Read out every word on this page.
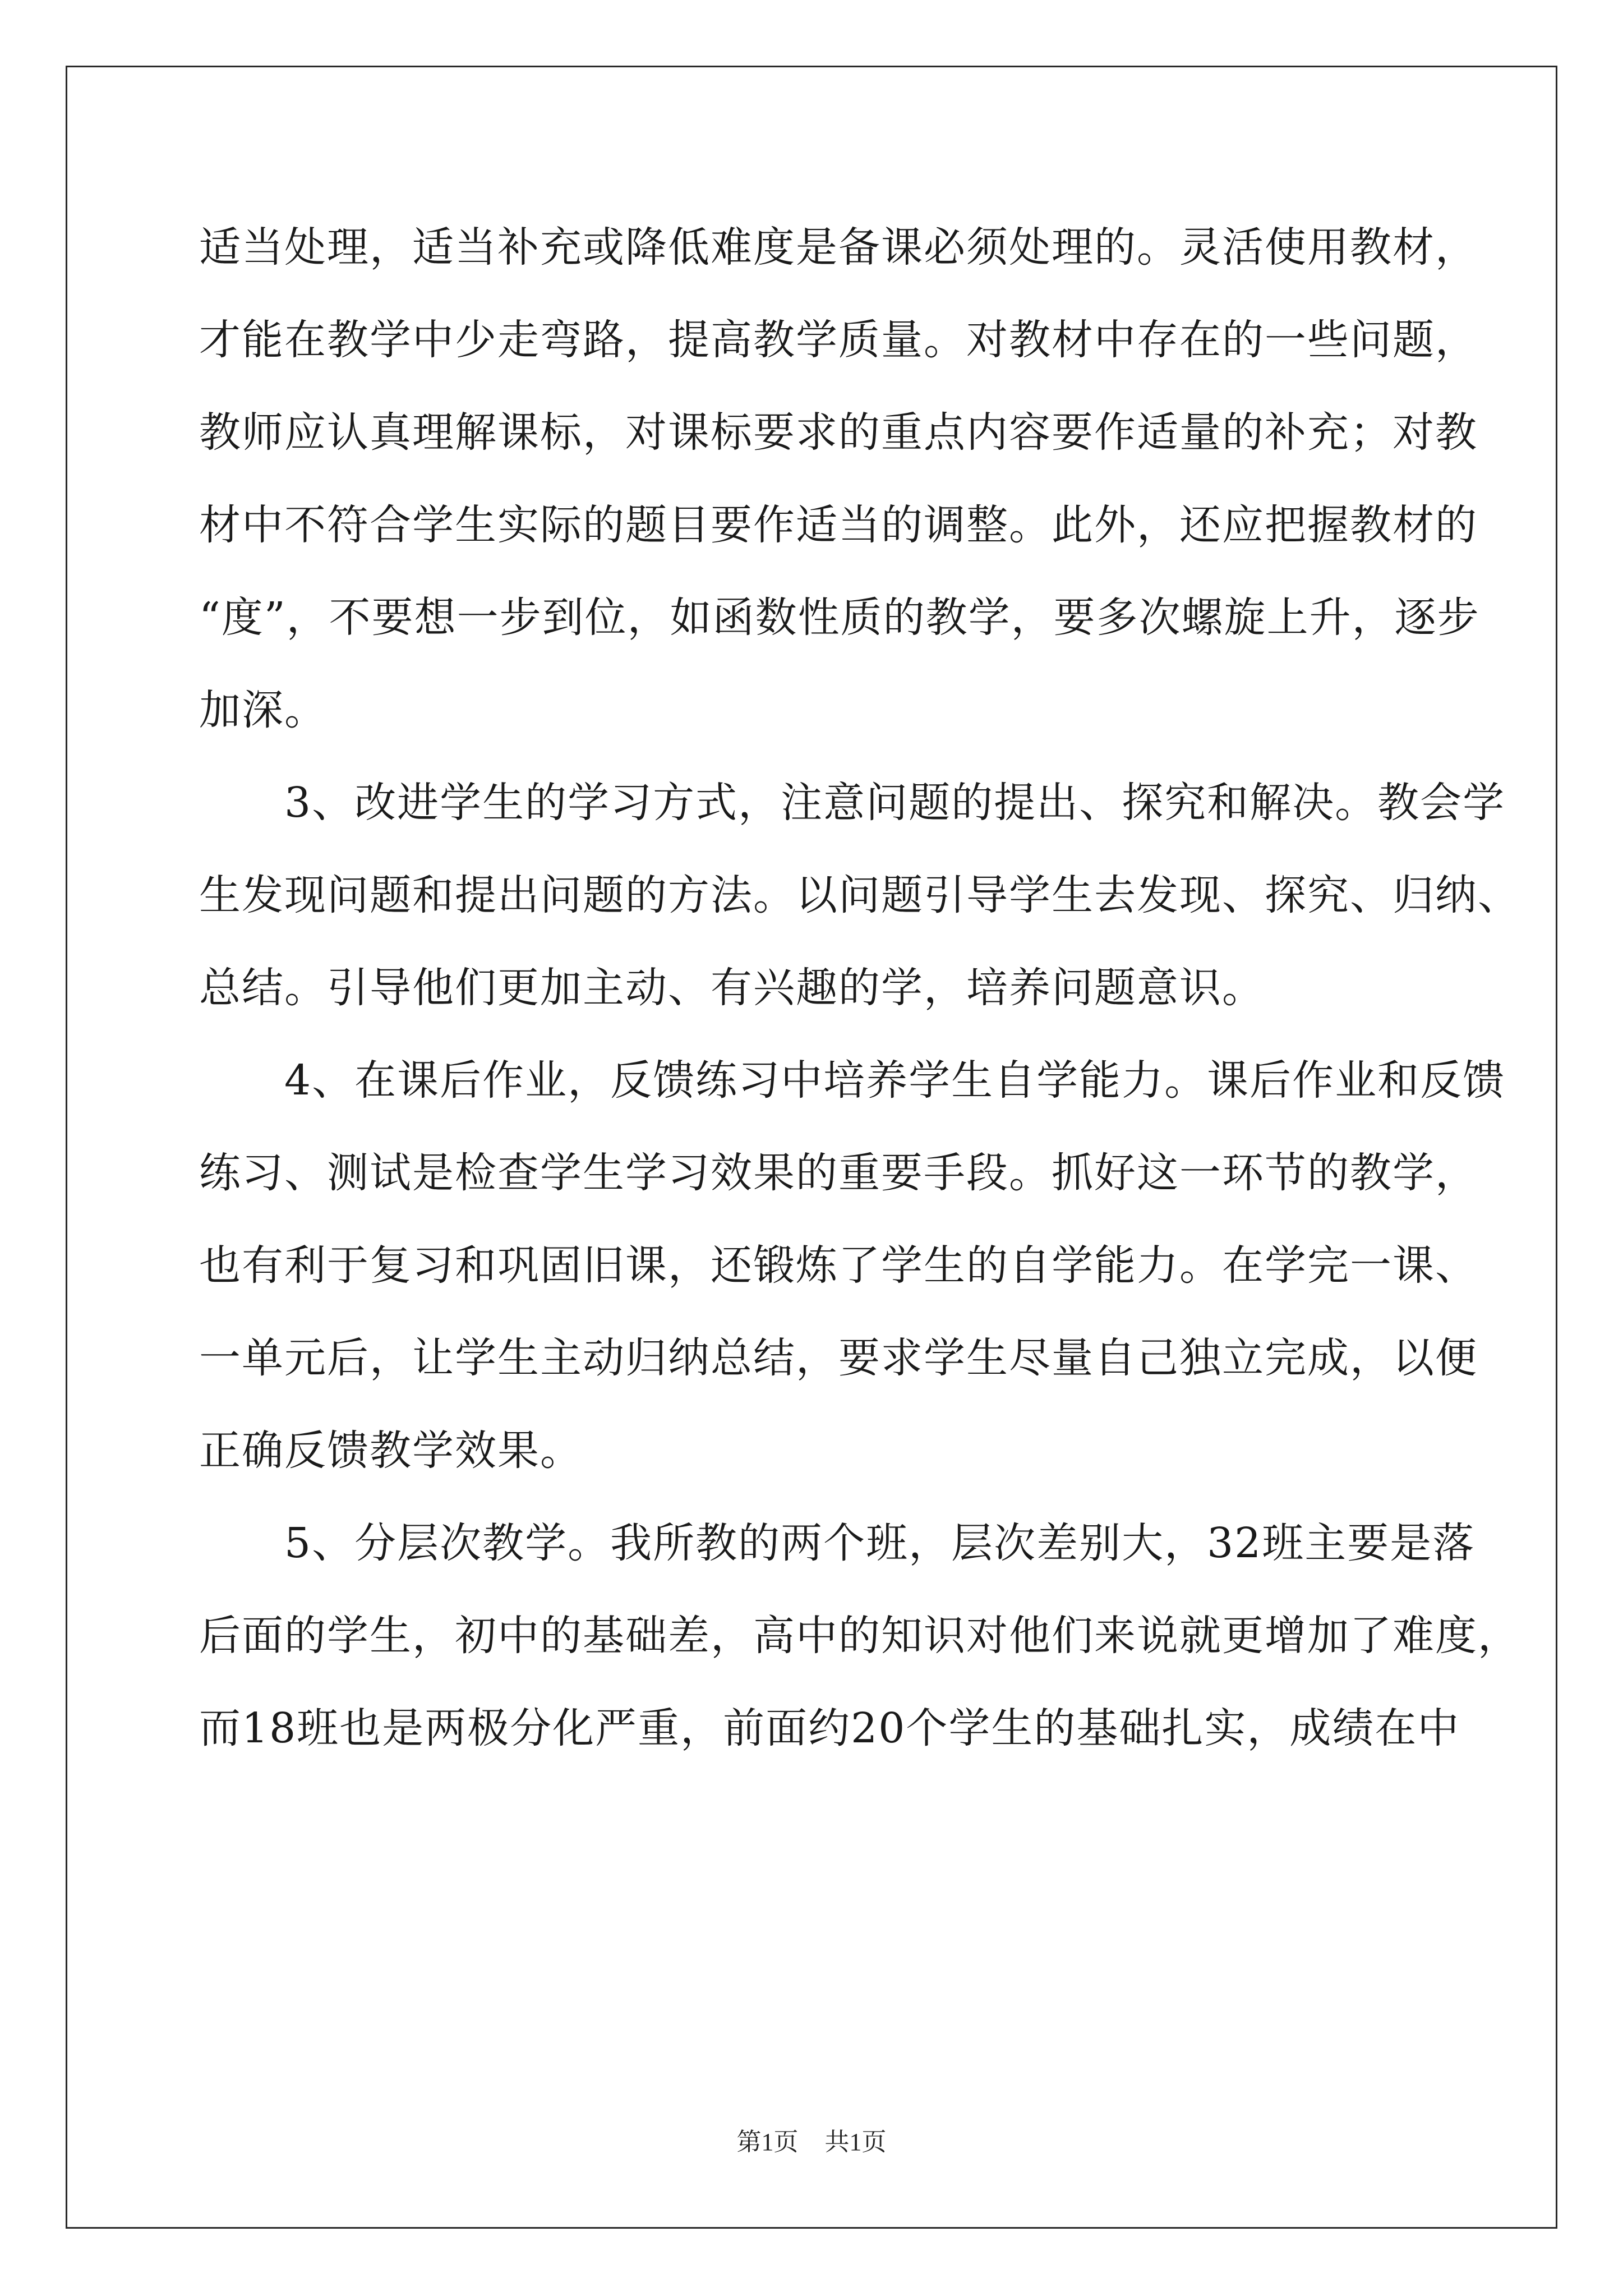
适当处理，适当补充或降低难度是备课必须处理的。灵活使用教材，
才能在教学中少走弯路，提高教学质量。对教材中存在的一些问题，
教师应认真理解课标，对课标要求的重点内容要作适量的补充；对教
材中不符合学生实际的题目要作适当的调整。此外，还应把握教材的
“度”，不要想一步到位，如函数性质的教学，要多次螺旋上升，逐步
加深。
　　3、改进学生的学习方式，注意问题的提出、探究和解决。教会学
生发现问题和提出问题的方法。以问题引导学生去发现、探究、归纳、
总结。引导他们更加主动、有兴趣的学，培养问题意识。
　　4、在课后作业，反馈练习中培养学生自学能力。课后作业和反馈
练习、测试是检查学生学习效果的重要手段。抓好这一环节的教学，
也有利于复习和巩固旧课，还锻炼了学生的自学能力。在学完一课、
一单元后，让学生主动归纳总结，要求学生尽量自己独立完成，以便
正确反馈教学效果。
　　5、分层次教学。我所教的两个班，层次差别大，32班主要是落
后面的学生，初中的基础差，高中的知识对他们来说就更增加了难度，
而18班也是两极分化严重，前面约20个学生的基础扎实，成绩在中
第1页 共1页
